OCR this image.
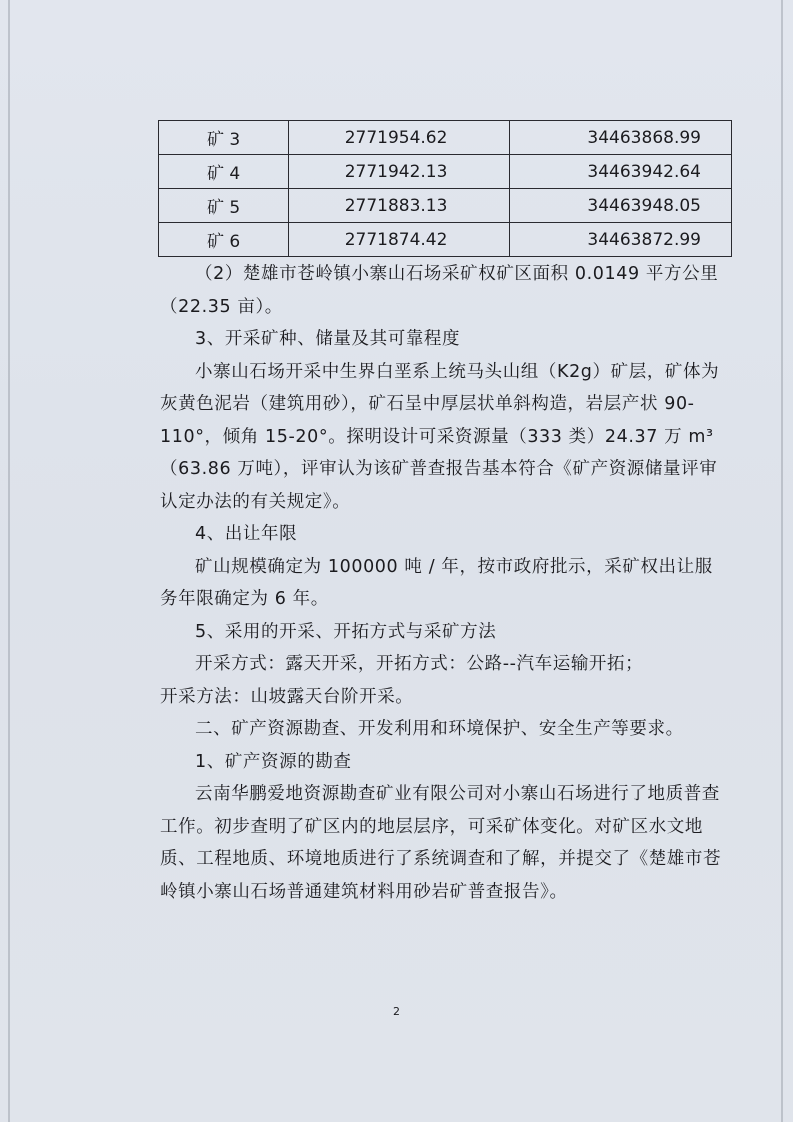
矿 3	2771954.62	34463868.99
矿 4	2771942.13	34463942.64
矿 5	2771883.13	34463948.05
矿 6	2771874.42	34463872.99

（2）楚雄市苍岭镇小寨山石场采矿权矿区面积 0.0149 平方公里（22.35 亩）。

3、开采矿种、储量及其可靠程度

小寨山石场开采中生界白垩系上统马头山组（K2g）矿层，矿体为灰黄色泥岩（建筑用砂），矿石呈中厚层状单斜构造，岩层产状 90-110°，倾角 15-20°。探明设计可采资源量（333 类）24.37 万 m³（63.86 万吨），评审认为该矿普查报告基本符合《矿产资源储量评审认定办法的有关规定》。

4、出让年限

矿山规模确定为 100000 吨 / 年，按市政府批示，采矿权出让服务年限确定为 6 年。

5、采用的开采、开拓方式与采矿方法

开采方式：露天开采，开拓方式：公路--汽车运输开拓；

开采方法：山坡露天台阶开采。

二、矿产资源勘查、开发利用和环境保护、安全生产等要求。

1、矿产资源的勘查

云南华鹏爱地资源勘查矿业有限公司对小寨山石场进行了地质普查工作。初步查明了矿区内的地层层序，可采矿体变化。对矿区水文地质、工程地质、环境地质进行了系统调查和了解，并提交了《楚雄市苍岭镇小寨山石场普通建筑材料用砂岩矿普查报告》。

2
